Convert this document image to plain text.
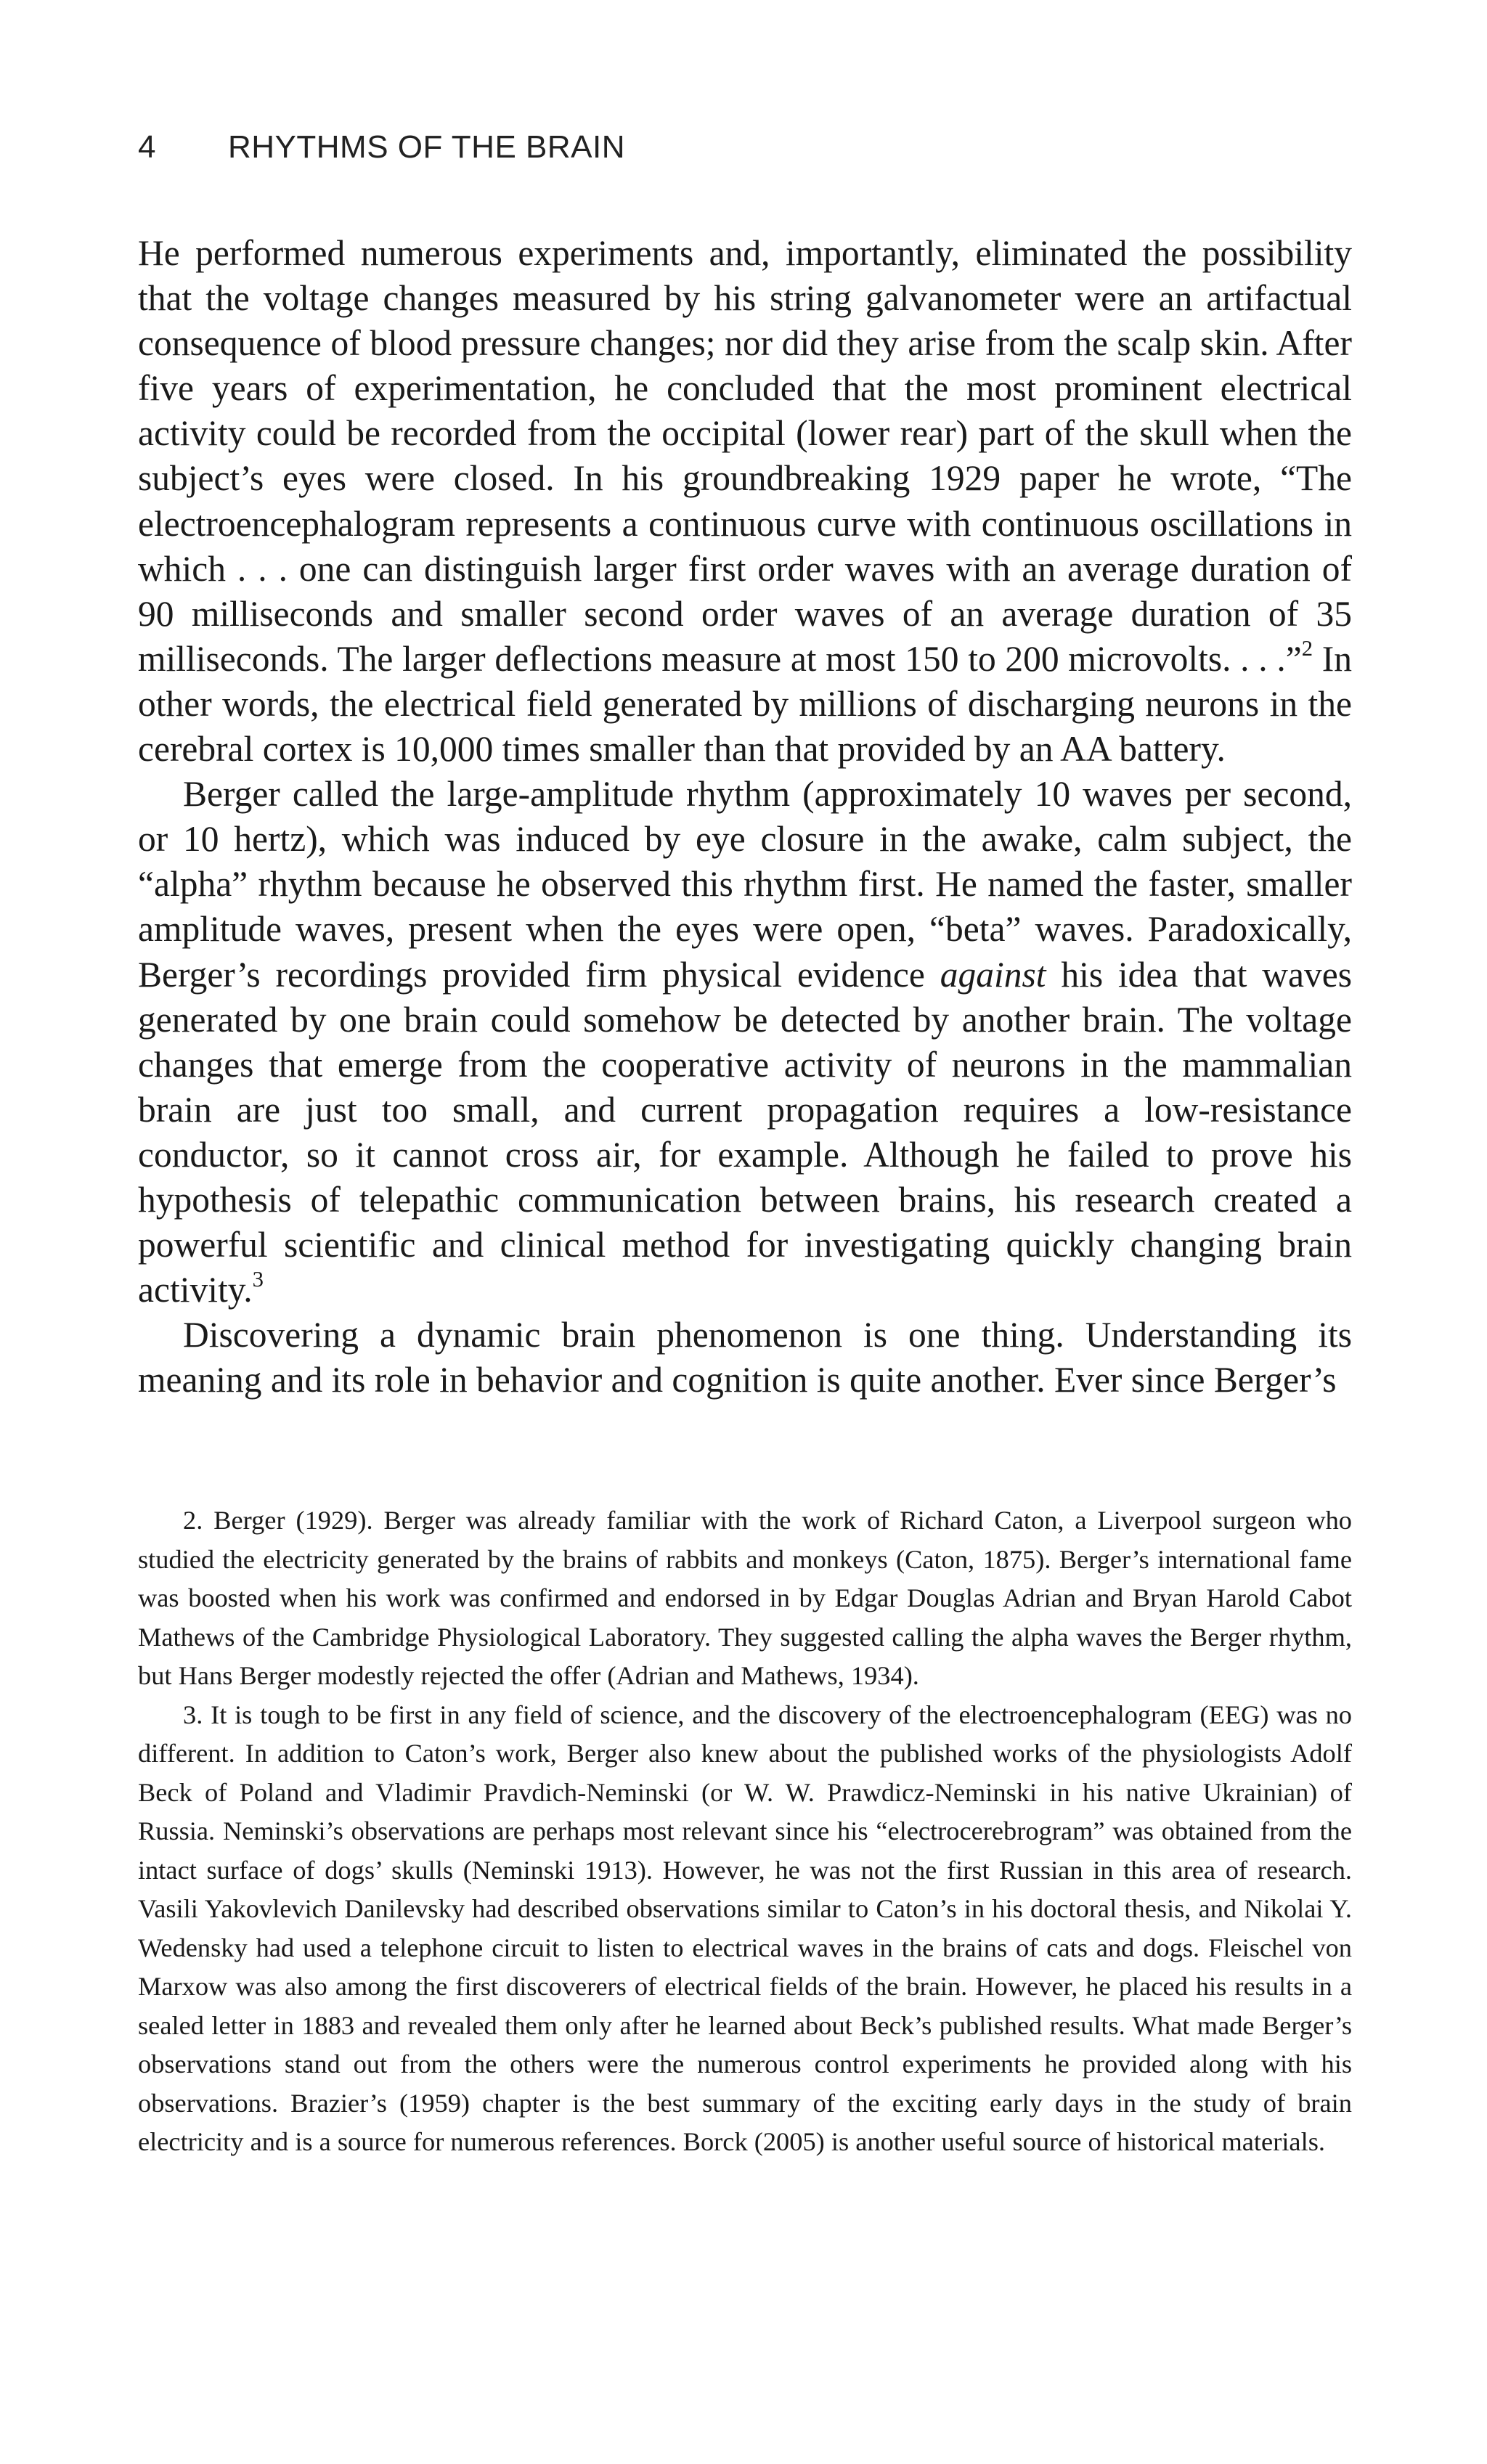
4 RHYTHMS OF THE BRAIN

He performed numerous experiments and, importantly, eliminated the possibility that the voltage changes measured by his string galvanometer were an artifactual consequence of blood pressure changes; nor did they arise from the scalp skin. After five years of experimentation, he concluded that the most prominent electrical activity could be recorded from the occipital (lower rear) part of the skull when the subject’s eyes were closed. In his groundbreaking 1929 paper he wrote, “The electroencephalogram represents a continuous curve with continuous oscillations in which . . . one can distinguish larger first order waves with an average duration of 90 milliseconds and smaller second order waves of an average duration of 35 milliseconds. The larger deflections measure at most 150 to 200 microvolts. . . .”$^2$ In other words, the electrical field generated by millions of discharging neurons in the cerebral cortex is 10,000 times smaller than that provided by an AA battery.

Berger called the large-amplitude rhythm (approximately 10 waves per second, or 10 hertz), which was induced by eye closure in the awake, calm subject, the “alpha” rhythm because he observed this rhythm first. He named the faster, smaller amplitude waves, present when the eyes were open, “beta” waves. Paradoxically, Berger’s recordings provided firm physical evidence against his idea that waves generated by one brain could somehow be detected by another brain. The voltage changes that emerge from the cooperative activity of neurons in the mammalian brain are just too small, and current propagation requires a low-resistance conductor, so it cannot cross air, for example. Although he failed to prove his hypothesis of telepathic communication between brains, his research created a powerful scientific and clinical method for investigating quickly changing brain activity.$^3$

Discovering a dynamic brain phenomenon is one thing. Understanding its meaning and its role in behavior and cognition is quite another. Ever since Berger’s

2. Berger (1929). Berger was already familiar with the work of Richard Caton, a Liverpool surgeon who studied the electricity generated by the brains of rabbits and monkeys (Caton, 1875). Berger’s international fame was boosted when his work was confirmed and endorsed in by Edgar Douglas Adrian and Bryan Harold Cabot Mathews of the Cambridge Physiological Laboratory. They suggested calling the alpha waves the Berger rhythm, but Hans Berger modestly rejected the offer (Adrian and Mathews, 1934).

3. It is tough to be first in any field of science, and the discovery of the electroencephalogram (EEG) was no different. In addition to Caton’s work, Berger also knew about the published works of the physiologists Adolf Beck of Poland and Vladimir Pravdich-Neminski (or W. W. Prawdicz-Neminski in his native Ukrainian) of Russia. Neminski’s observations are perhaps most relevant since his “electrocerebrogram” was obtained from the intact surface of dogs’ skulls (Neminski 1913). However, he was not the first Russian in this area of research. Vasili Yakovlevich Danilevsky had described observations similar to Caton’s in his doctoral thesis, and Nikolai Y. Wedensky had used a telephone circuit to listen to electrical waves in the brains of cats and dogs. Fleischel von Marxow was also among the first discoverers of electrical fields of the brain. However, he placed his results in a sealed letter in 1883 and revealed them only after he learned about Beck’s published results. What made Berger’s observations stand out from the others were the numerous control experiments he provided along with his observations. Brazier’s (1959) chapter is the best summary of the exciting early days in the study of brain electricity and is a source for numerous references. Borck (2005) is another useful source of historical materials.
